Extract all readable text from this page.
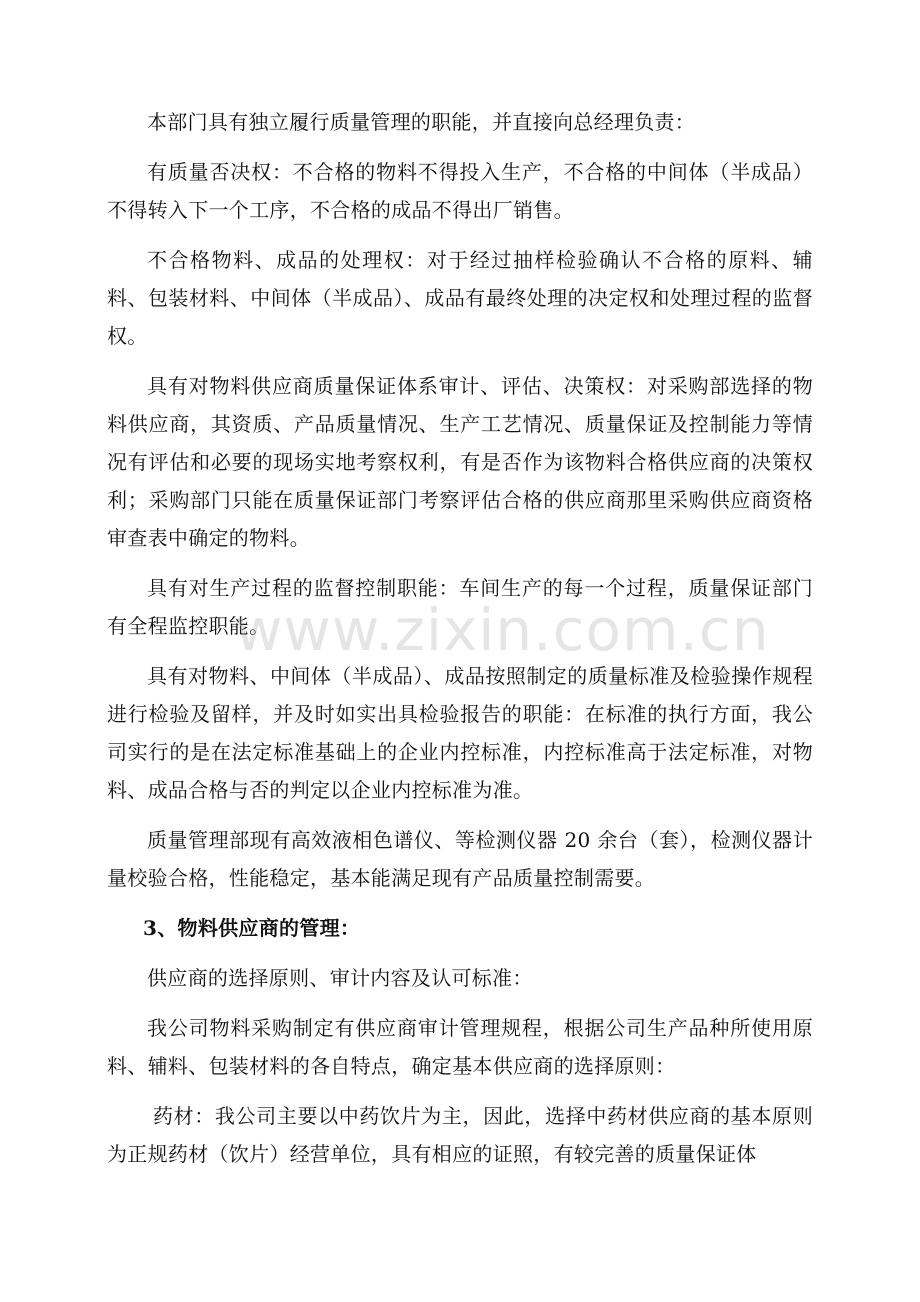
本部门具有独立履行质量管理的职能，并直接向总经理负责：

有质量否决权：不合格的物料不得投入生产，不合格的中间体（半成品）不得转入下一个工序，不合格的成品不得出厂销售。

不合格物料、成品的处理权：对于经过抽样检验确认不合格的原料、辅料、包装材料、中间体（半成品）、成品有最终处理的决定权和处理过程的监督权。

具有对物料供应商质量保证体系审计、评估、决策权：对采购部选择的物料供应商，其资质、产品质量情况、生产工艺情况、质量保证及控制能力等情况有评估和必要的现场实地考察权利，有是否作为该物料合格供应商的决策权利；采购部门只能在质量保证部门考察评估合格的供应商那里采购供应商资格审查表中确定的物料。

具有对生产过程的监督控制职能：车间生产的每一个过程，质量保证部门有全程监控职能。

具有对物料、中间体（半成品）、成品按照制定的质量标准及检验操作规程进行检验及留样，并及时如实出具检验报告的职能：在标准的执行方面，我公司实行的是在法定标准基础上的企业内控标准，内控标准高于法定标准，对物料、成品合格与否的判定以企业内控标准为准。

质量管理部现有高效液相色谱仪、等检测仪器 20 余台（套），检测仪器计量校验合格，性能稳定，基本能满足现有产品质量控制需要。

3、物料供应商的管理：

供应商的选择原则、审计内容及认可标准：

我公司物料采购制定有供应商审计管理规程，根据公司生产品种所使用原料、辅料、包装材料的各自特点，确定基本供应商的选择原则：

药材：我公司主要以中药饮片为主，因此，选择中药材供应商的基本原则为正规药材（饮片）经营单位，具有相应的证照，有较完善的质量保证体

www.zixin.com.cn
